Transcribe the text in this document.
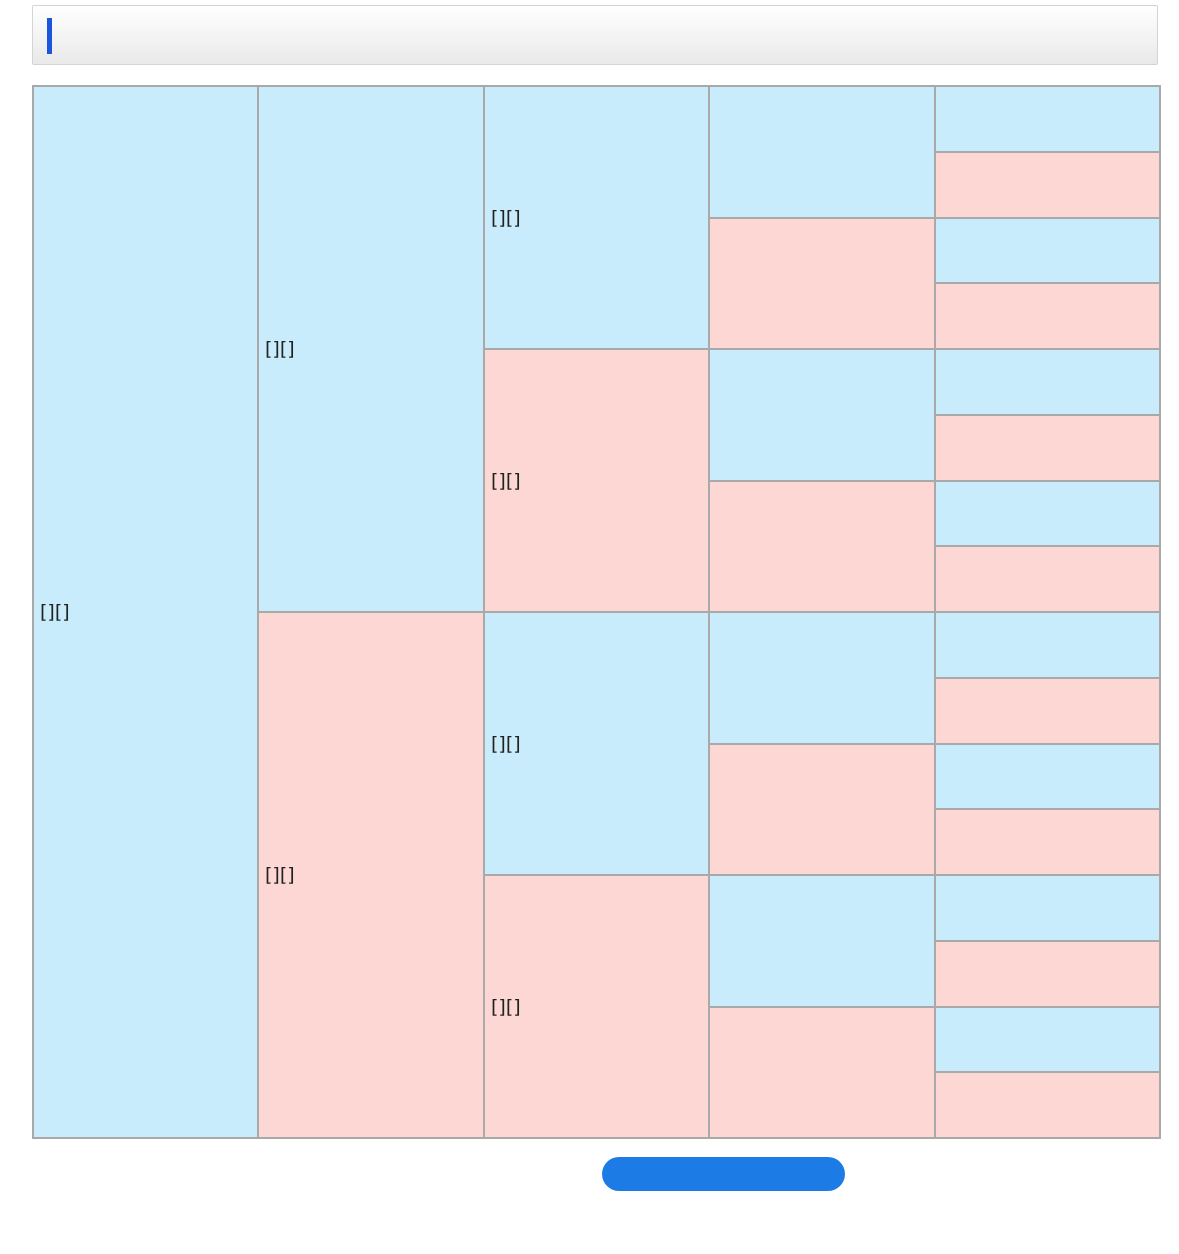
[][]	[][]	[][]			

		[][]			

	[][]	[][]

		[][]
